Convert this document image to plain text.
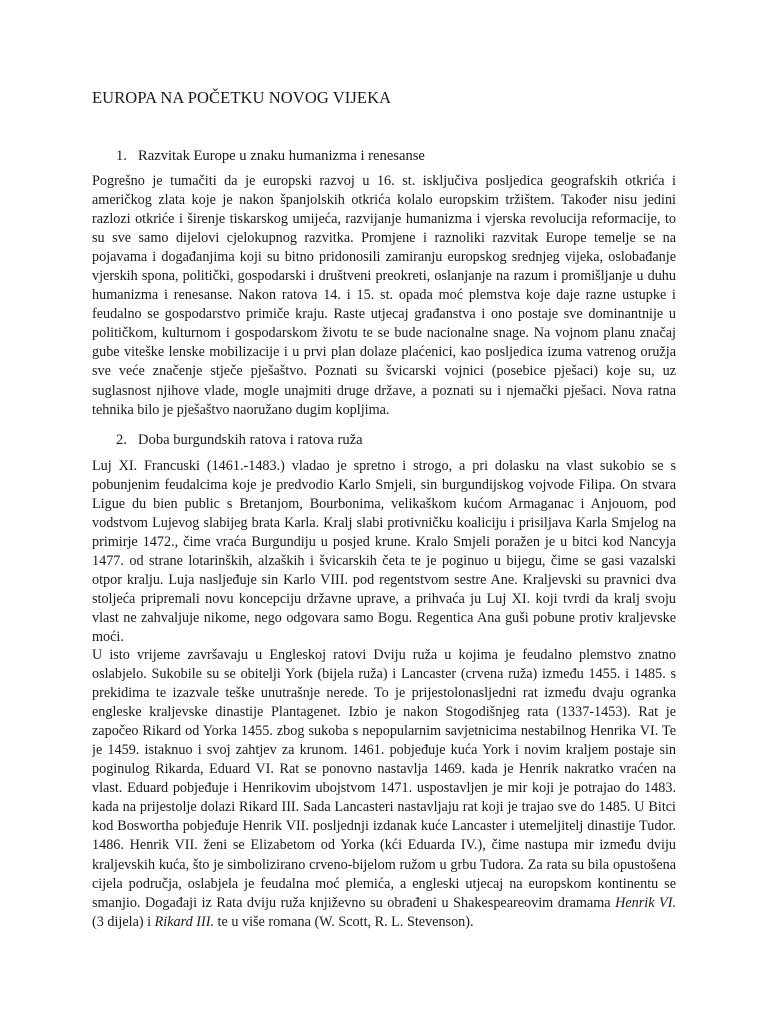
EUROPA NA POČETKU NOVOG VIJEKA
1. Razvitak Europe u znaku humanizma i renesanse

Pogrešno je tumačiti da je europski razvoj u 16. st. isključiva posljedica geografskih otkrića i američkog zlata koje je nakon španjolskih otkrića kolalo europskim tržištem. Također nisu jedini razlozi otkriće i širenje tiskarskog umijeća, razvijanje humanizma i vjerska revolucija reformacije, to su sve samo dijelovi cjelokupnog razvitka. Promjene i raznoliki razvitak Europe temelje se na pojavama i događanjima koji su bitno pridonosili zamiranju europskog srednjeg vijeka, oslobađanje vjerskih spona, politički, gospodarski i društveni preokreti, oslanjanje na razum i promišljanje u duhu humanizma i renesanse. Nakon ratova 14. i 15. st. opada moć plemstva koje daje razne ustupke i feudalno se gospodarstvo primiče kraju. Raste utjecaj građanstva i ono postaje sve dominantnije u političkom, kulturnom i gospodarskom životu te se bude nacionalne snage. Na vojnom planu značaj gube viteške lenske mobilizacije i u prvi plan dolaze plaćenici, kao posljedica izuma vatrenog oružja sve veće značenje stječe pješaštvo. Poznati su švicarski vojnici (posebice pješaci) koje su, uz suglasnost njihove vlade, mogle unajmiti druge države, a poznati su i njemački pješaci. Nova ratna tehnika bilo je pješaštvo naoružano dugim kopljima.

2. Doba burgundskih ratova i ratova ruža

Luj XI. Francuski (1461.-1483.) vladao je spretno i strogo, a pri dolasku na vlast sukobio se s pobunjenim feudalcima koje je predvodio Karlo Smjeli, sin burgundijskog vojvode Filipa. On stvara Ligue du bien public s Bretanjom, Bourbonima, velikaškom kućom Armaganac i Anjouom, pod vodstvom Lujevog slabijeg brata Karla. Kralj slabi protivničku koaliciju i prisiljava Karla Smjelog na primirje 1472., čime vraća Burgundiju u posjed krune. Kralo Smjeli poražen je u bitci kod Nancyja 1477. od strane lotarinških, alzaških i švicarskih četa te je poginuo u bijegu, čime se gasi vazalski otpor kralju. Luja nasljeđuje sin Karlo VIII. pod regentstvom sestre Ane. Kraljevski su pravnici dva stoljeća pripremali novu koncepciju državne uprave, a prihvaća ju Luj XI. koji tvrdi da kralj svoju vlast ne zahvaljuje nikome, nego odgovara samo Bogu. Regentica Ana guši pobune protiv kraljevske moći.

U isto vrijeme završavaju u Engleskoj ratovi Dviju ruža u kojima je feudalno plemstvo znatno oslabjelo. Sukobile su se obitelji York (bijela ruža) i Lancaster (crvena ruža) između 1455. i 1485. s prekidima te izazvale teške unutrašnje nerede. To je prijestolonasljedni rat između dvaju ogranka engleske kraljevske dinastije Plantagenet. Izbio je nakon Stogodišnjeg rata (1337-1453). Rat je započeo Rikard od Yorka 1455. zbog sukoba s nepopularnim savjetnicima nestabilnog Henrika VI. Te je 1459. istaknuo i svoj zahtjev za krunom. 1461. pobjeđuje kuća York i novim kraljem postaje sin poginulog Rikarda, Eduard VI. Rat se ponovno nastavlja 1469. kada je Henrik nakratko vraćen na vlast. Eduard pobjeđuje i Henrikovim ubojstvom 1471. uspostavljen je mir koji je potrajao do 1483. kada na prijestolje dolazi Rikard III. Sada Lancasteri nastavljaju rat koji je trajao sve do 1485. U Bitci kod Boswortha pobjeđuje Henrik VII. posljednji izdanak kuće Lancaster i utemeljitelj dinastije Tudor. 1486. Henrik VII. ženi se Elizabetom od Yorka (kći Eduarda IV.), čime nastupa mir između dviju kraljevskih kuća, što je simbolizirano crveno-bijelom ružom u grbu Tudora. Za rata su bila opustošena cijela područja, oslabjela je feudalna moć plemića, a engleski utjecaj na europskom kontinentu se smanjio. Događaji iz Rata dviju ruža književno su obrađeni u Shakespeareovim dramama Henrik VI. (3 dijela) i Rikard III. te u više romana (W. Scott, R. L. Stevenson).
